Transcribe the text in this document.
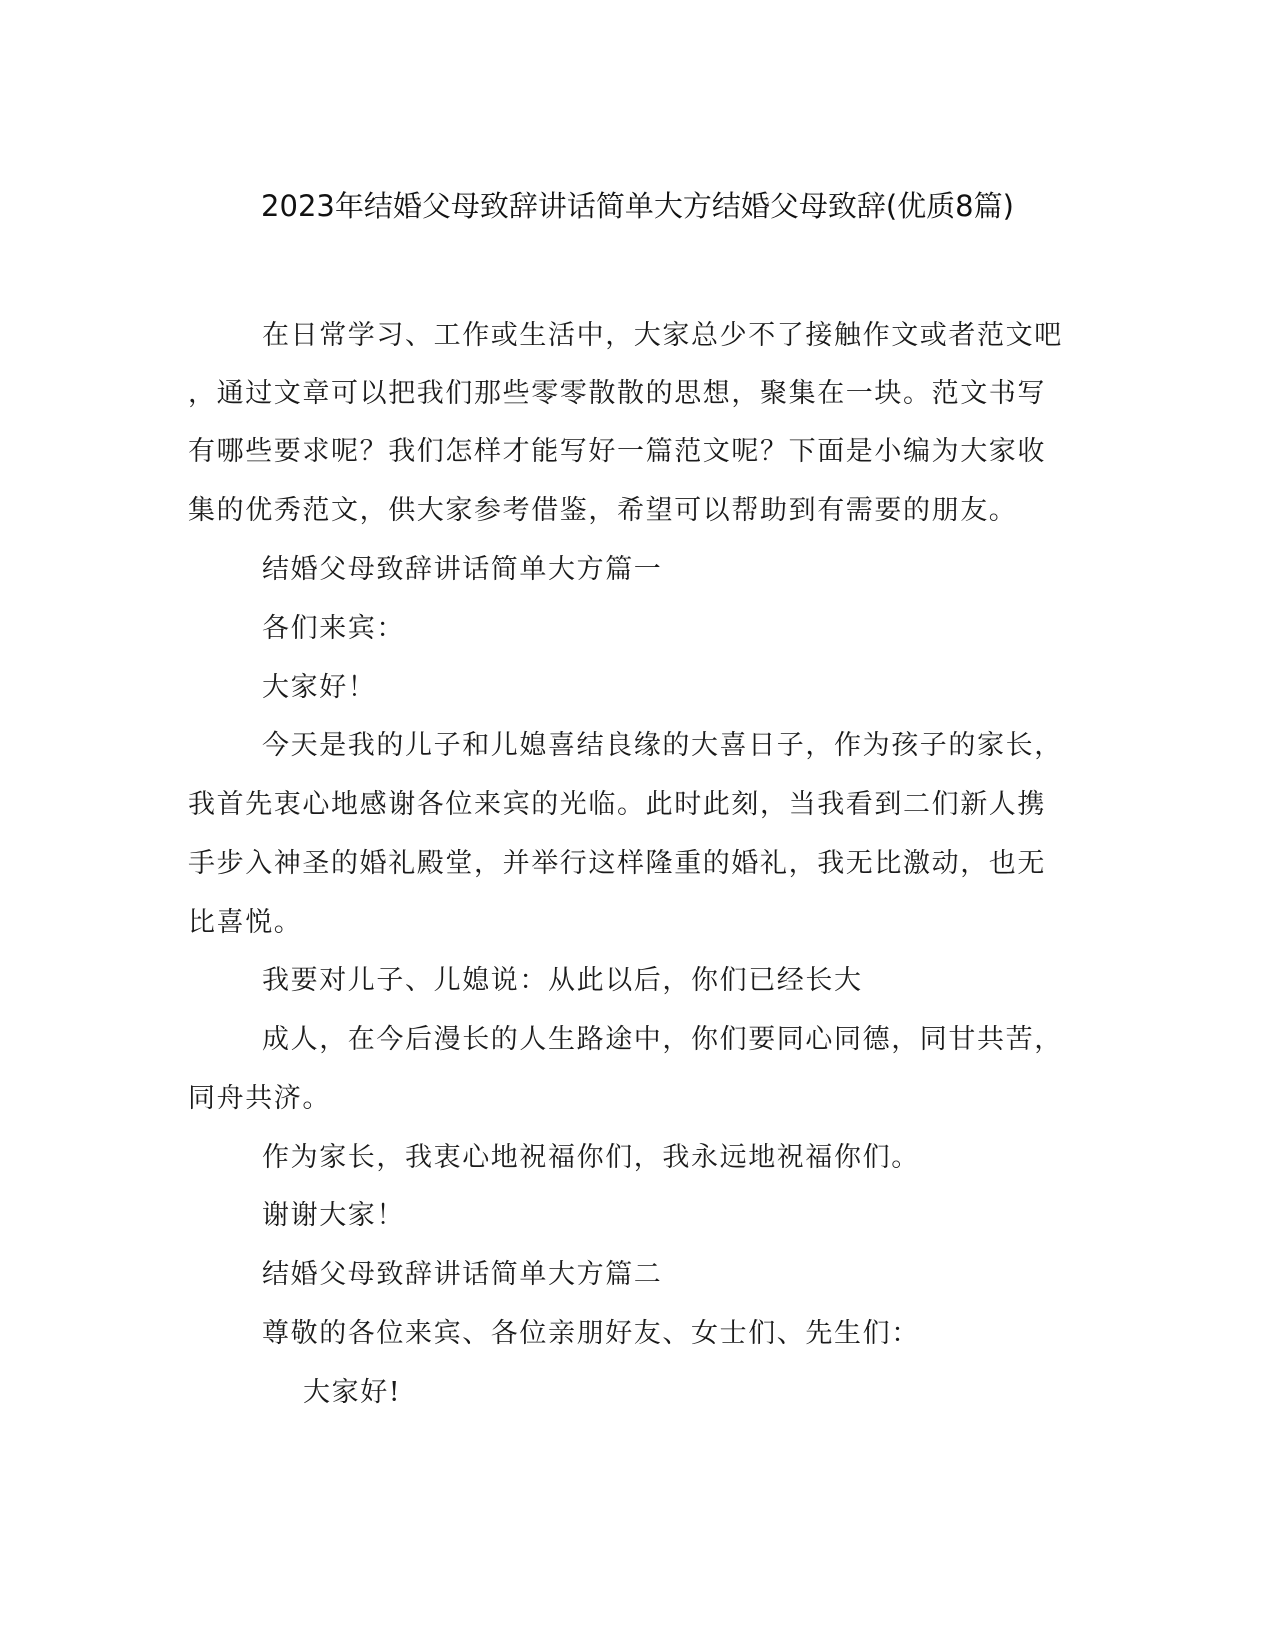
2023年结婚父母致辞讲话简单大方结婚父母致辞(优质8篇)
在日常学习、工作或生活中，大家总少不了接触作文或者范文吧
，通过文章可以把我们那些零零散散的思想，聚集在一块。范文书写
有哪些要求呢？我们怎样才能写好一篇范文呢？下面是小编为大家收
集的优秀范文，供大家参考借鉴，希望可以帮助到有需要的朋友。
结婚父母致辞讲话简单大方篇一
各们来宾：
大家好！
今天是我的儿子和儿媳喜结良缘的大喜日子，作为孩子的家长，
我首先衷心地感谢各位来宾的光临。此时此刻，当我看到二们新人携
手步入神圣的婚礼殿堂，并举行这样隆重的婚礼，我无比激动，也无
比喜悦。
我要对儿子、儿媳说：从此以后，你们已经长大
成人，在今后漫长的人生路途中，你们要同心同德，同甘共苦，
同舟共济。
作为家长，我衷心地祝福你们，我永远地祝福你们。
谢谢大家！
结婚父母致辞讲话简单大方篇二
尊敬的各位来宾、各位亲朋好友、女士们、先生们：
大家好!
